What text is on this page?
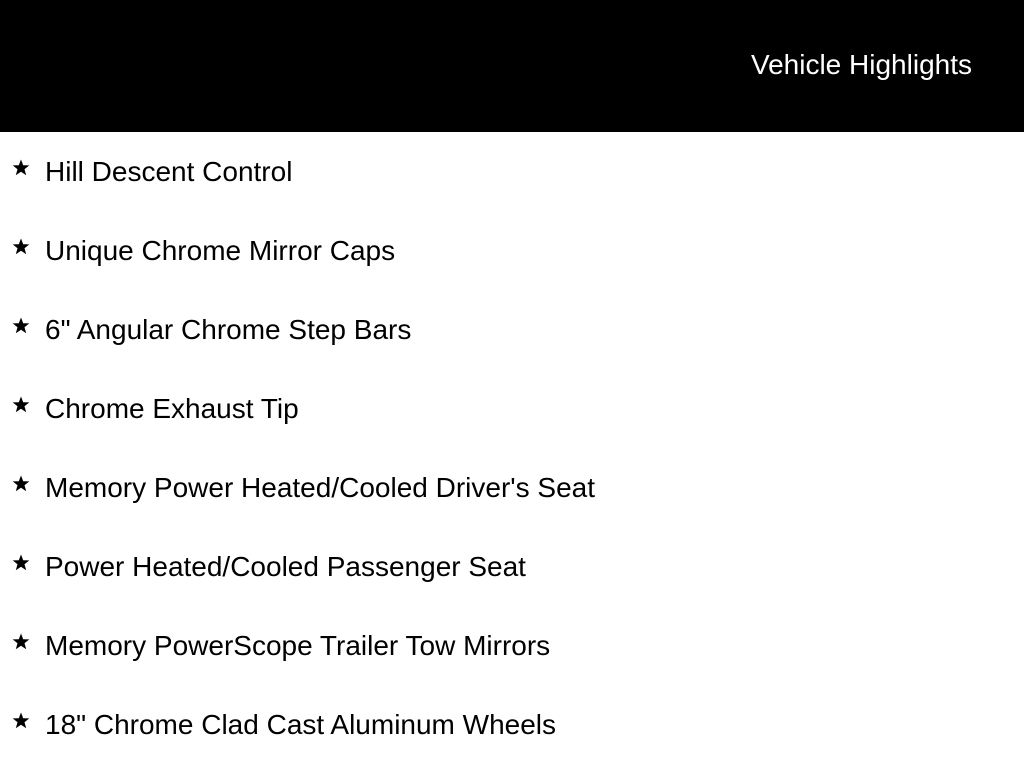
Vehicle Highlights
Hill Descent Control
Unique Chrome Mirror Caps
6" Angular Chrome Step Bars
Chrome Exhaust Tip
Memory Power Heated/Cooled Driver's Seat
Power Heated/Cooled Passenger Seat
Memory PowerScope Trailer Tow Mirrors
18" Chrome Clad Cast Aluminum Wheels
